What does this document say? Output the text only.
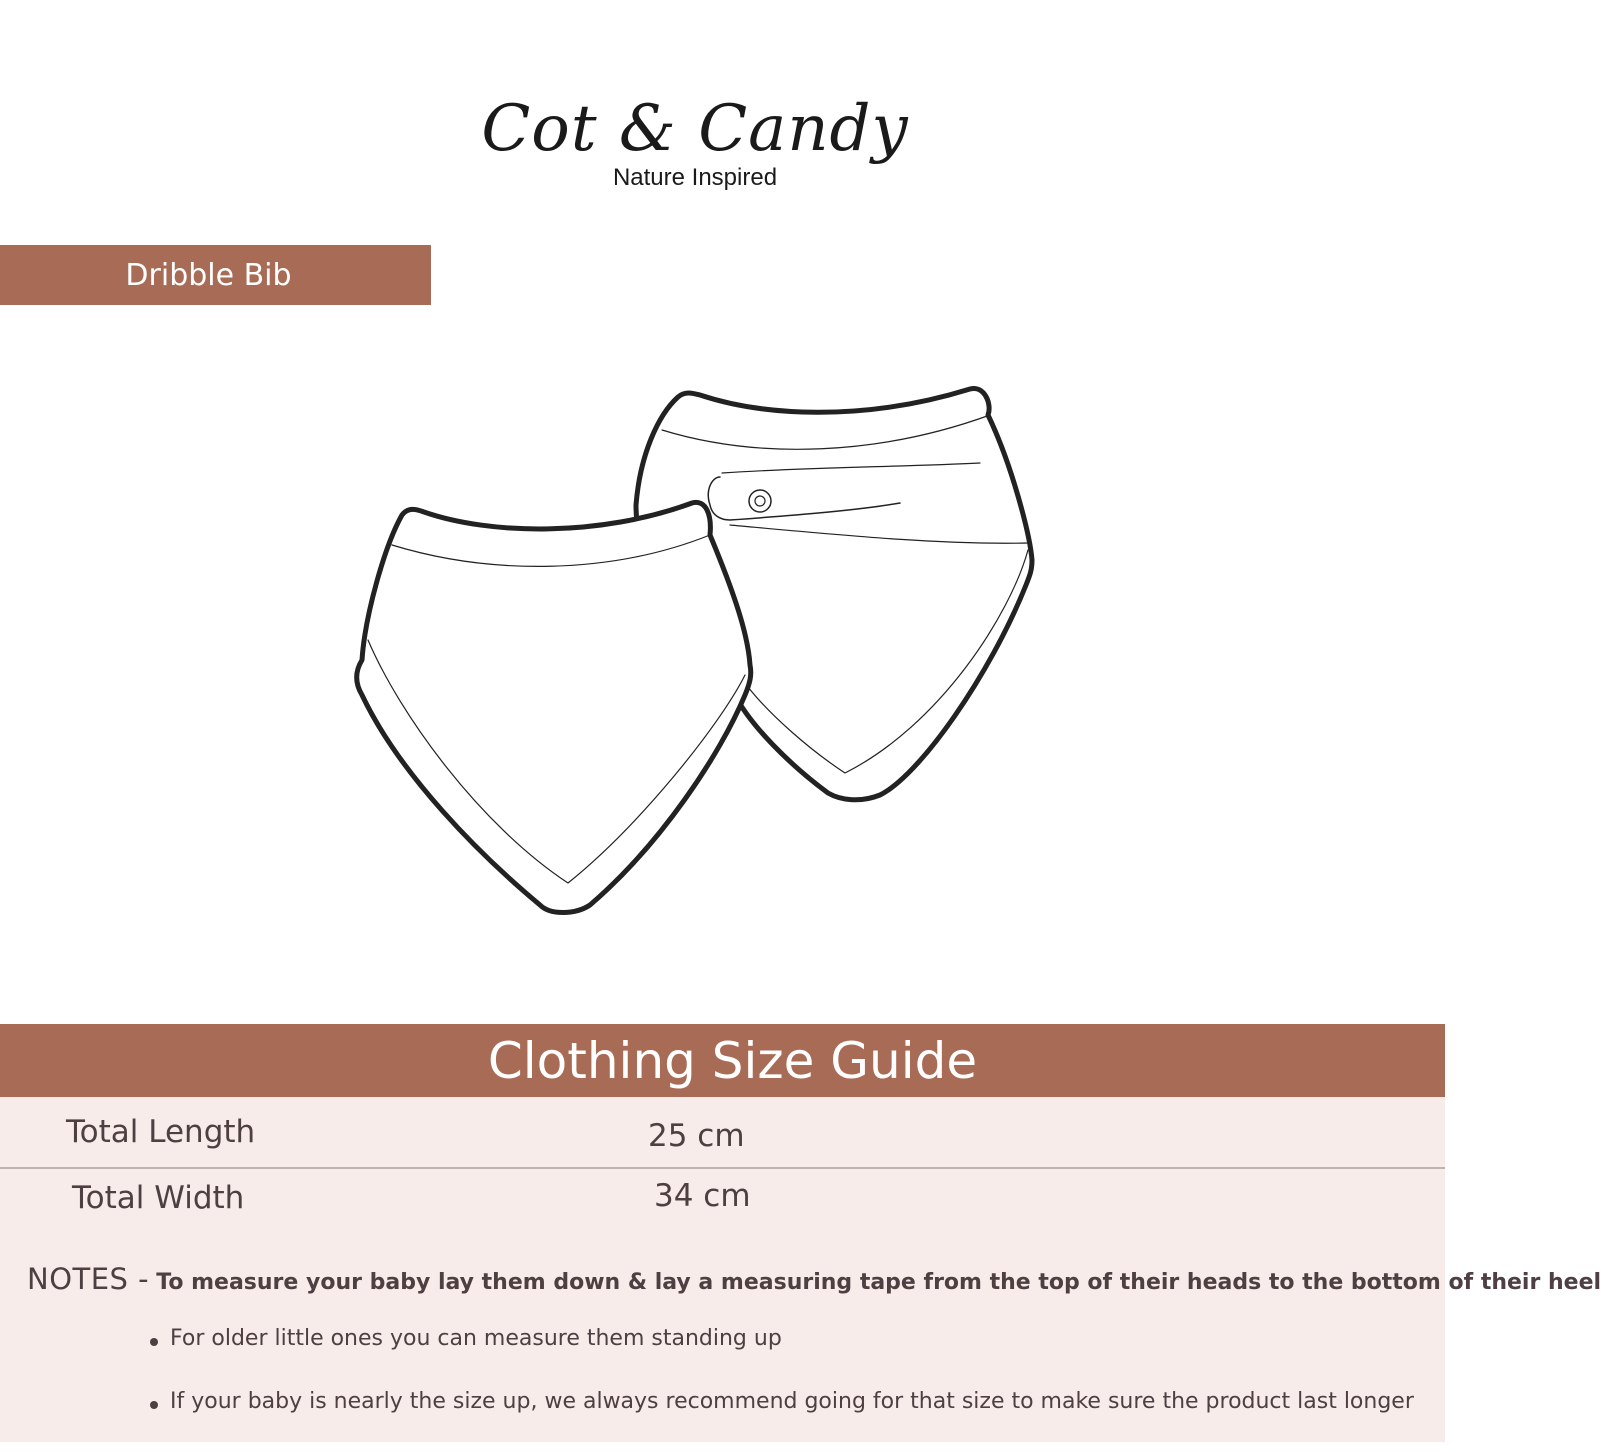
Cot & Candy
Nature Inspired
Dribble Bib
Clothing Size Guide
Total Length	25 cm
Total Width	34 cm
NOTES - To measure your baby lay them down & lay a measuring tape from the top of their heads to the bottom of their heel
For older little ones you can measure them standing up
If your baby is nearly the size up, we always recommend going for that size to make sure the product last longer
